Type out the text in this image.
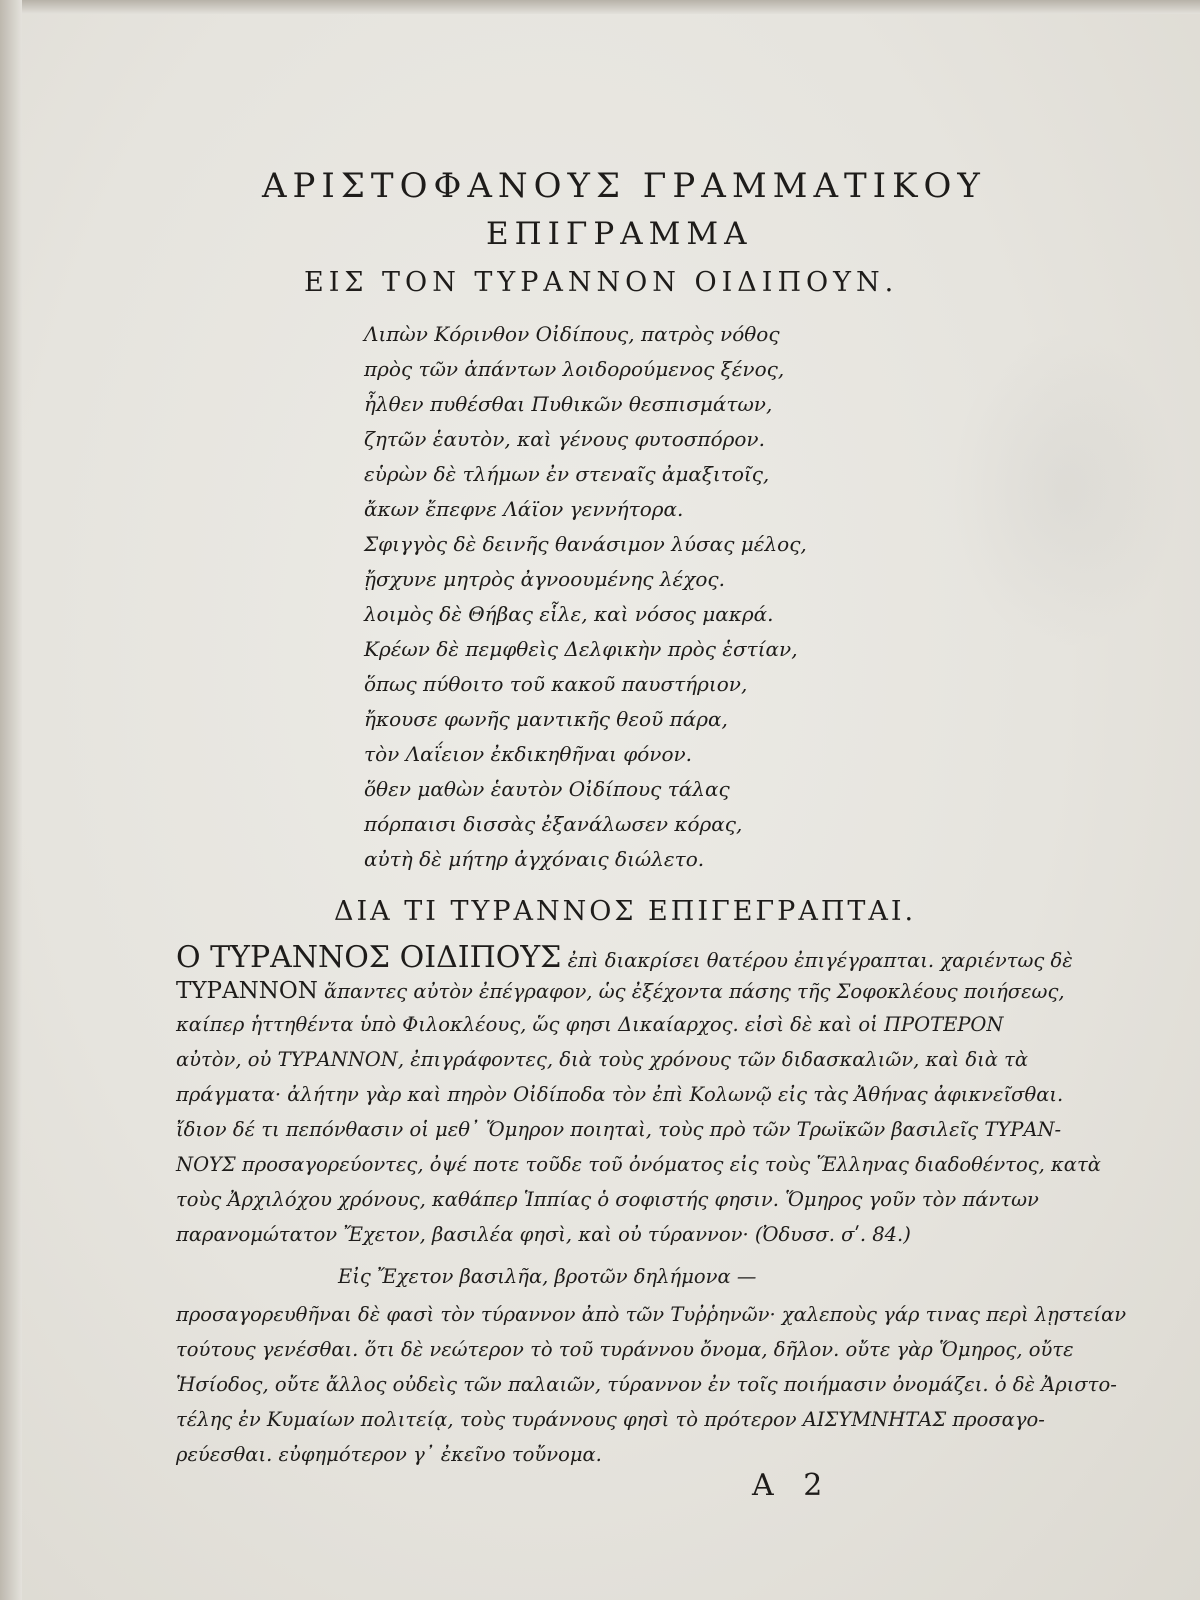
ΑΡΙΣΤΟΦΑΝΟΥΣ ΓΡΑΜΜΑΤΙΚΟΥ
ΕΠΙΓΡΑΜΜΑ
ΕΙΣ ΤΟΝ ΤΥΡΑΝΝΟΝ ΟΙΔΙΠΟΥΝ.
Λιπὼν Κόρινθον Οἰδίπους, πατρὸς νόθος
πρὸς τῶν ἁπάντων λοιδορούμενος ξένος,
ἦλθεν πυθέσθαι Πυθικῶν θεσπισμάτων,
ζητῶν ἑαυτὸν, καὶ γένους φυτοσπόρον.
εὑρὼν δὲ τλήμων ἐν στεναῖς ἀμαξιτοῖς,
ἄκων ἔπεφνε Λάϊον γεννήτορα.
Σφιγγὸς δὲ δεινῆς θανάσιμον λύσας μέλος,
ᾔσχυνε μητρὸς ἀγνοουμένης λέχος.
λοιμὸς δὲ Θήβας εἷλε, καὶ νόσος μακρά.
Κρέων δὲ πεμφθεὶς Δελφικὴν πρὸς ἑστίαν,
ὅπως πύθοιτο τοῦ κακοῦ παυστήριον,
ἤκουσε φωνῆς μαντικῆς θεοῦ πάρα,
τὸν Λαΐειον ἐκδικηθῆναι φόνον.
ὅθεν μαθὼν ἑαυτὸν Οἰδίπους τάλας
πόρπαισι δισσὰς ἐξανάλωσεν κόρας,
αὐτὴ δὲ μήτηρ ἀγχόναις διώλετο.
ΔΙΑ ΤΙ ΤΥΡΑΝΝΟΣ ΕΠΙΓΕΓΡΑΠΤΑΙ.
Ο ΤΥΡΑΝΝΟΣ ΟΙΔΙΠΟΥΣ ἐπὶ διακρίσει θατέρου ἐπιγέγραπται. χαριέντως δὲ
ΤΥΡΑΝΝΟΝ ἅπαντες αὐτὸν ἐπέγραφον, ὡς ἐξέχοντα πάσης τῆς Σοφοκλέους ποιήσεως,
καίπερ ἡττηθέντα ὑπὸ Φιλοκλέους, ὥς φησι Δικαίαρχος. εἰσὶ δὲ καὶ οἱ ΠΡΟΤΕΡΟΝ
αὐτὸν, οὐ ΤΥΡΑΝΝΟΝ, ἐπιγράφοντες, διὰ τοὺς χρόνους τῶν διδασκαλιῶν, καὶ διὰ τὰ
πράγματα· ἀλήτην γὰρ καὶ πηρὸν Οἰδίποδα τὸν ἐπὶ Κολωνῷ εἰς τὰς Ἀθήνας ἀφικνεῖσθαι.
ἴδιον δέ τι πεπόνθασιν οἱ μεθ᾽ Ὅμηρον ποιηταὶ, τοὺς πρὸ τῶν Τρωϊκῶν βασιλεῖς ΤΥΡΑΝ-
ΝΟΥΣ προσαγορεύοντες, ὀψέ ποτε τοῦδε τοῦ ὀνόματος εἰς τοὺς Ἕλληνας διαδοθέντος, κατὰ
τοὺς Ἀρχιλόχου χρόνους, καθάπερ Ἱππίας ὁ σοφιστής φησιν. Ὅμηρος γοῦν τὸν πάντων
παρανομώτατον Ἔχετον, βασιλέα φησὶ, καὶ οὐ τύραννον· (Ὀδυσσ. σʹ. 84.)
Εἰς Ἔχετον βασιλῆα, βροτῶν δηλήμονα —
προσαγορευθῆναι δὲ φασὶ τὸν τύραννον ἀπὸ τῶν Τυῤῥηνῶν· χαλεποὺς γάρ τινας περὶ λῃστείαν
τούτους γενέσθαι. ὅτι δὲ νεώτερον τὸ τοῦ τυράννου ὄνομα, δῆλον. οὔτε γὰρ Ὅμηρος, οὔτε
Ἡσίοδος, οὔτε ἄλλος οὐδεὶς τῶν παλαιῶν, τύραννον ἐν τοῖς ποιήμασιν ὀνομάζει. ὁ δὲ Ἀριστο-
τέλης ἐν Κυμαίων πολιτείᾳ, τοὺς τυράννους φησὶ τὸ πρότερον ΑΙΣΥΜΝΗΤΑΣ προσαγο-
ρεύεσθαι. εὐφημότερον γ᾽ ἐκεῖνο τοὔνομα.
Α 2
